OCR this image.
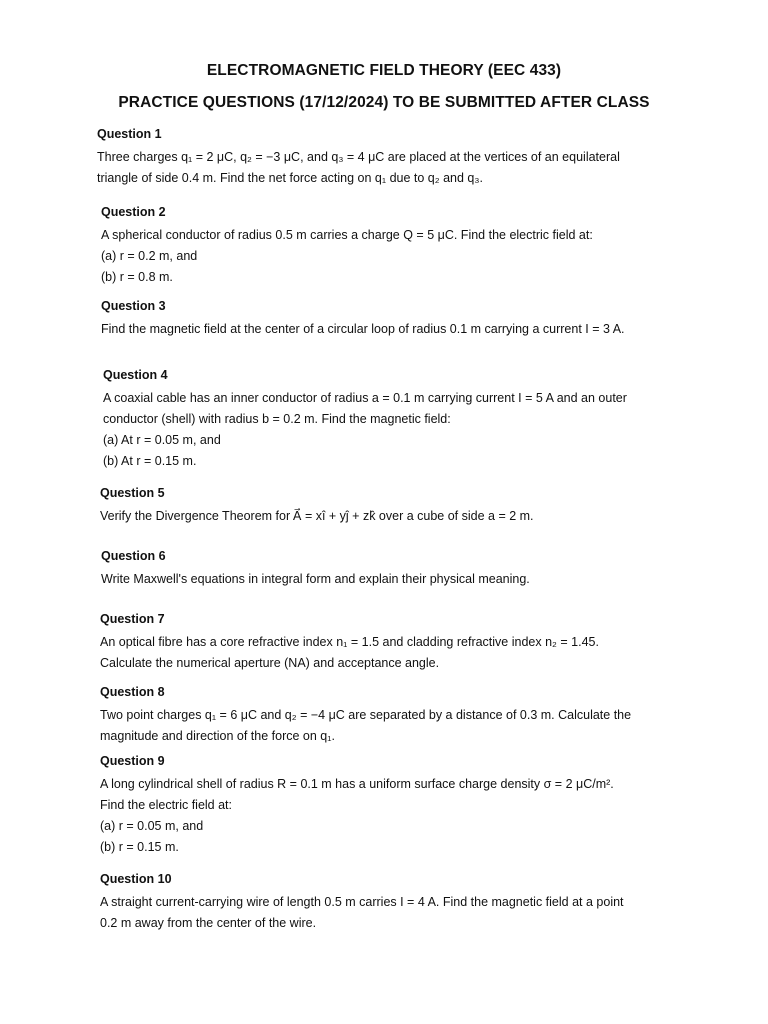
ELECTROMAGNETIC FIELD THEORY (EEC 433)
PRACTICE QUESTIONS (17/12/2024) TO BE SUBMITTED AFTER CLASS
Question 1
Three charges q₁ = 2 μC, q₂ = −3 μC, and q₃ = 4 μC are placed at the vertices of an equilateral
triangle of side 0.4 m. Find the net force acting on q₁ due to q₂ and q₃.
Question 2
A spherical conductor of radius 0.5 m carries a charge Q = 5 μC. Find the electric field at:
(a) r = 0.2 m, and
(b) r = 0.8 m.
Question 3
Find the magnetic field at the center of a circular loop of radius 0.1 m carrying a current I = 3 A.
Question 4
A coaxial cable has an inner conductor of radius a = 0.1 m carrying current I = 5 A and an outer
conductor (shell) with radius b = 0.2 m. Find the magnetic field:
(a) At r = 0.05 m, and
(b) At r = 0.15 m.
Question 5
Verify the Divergence Theorem for A⃗ = xî + yĵ + zk̂ over a cube of side a = 2 m.
Question 6
Write Maxwell's equations in integral form and explain their physical meaning.
Question 7
An optical fibre has a core refractive index n₁ = 1.5 and cladding refractive index n₂ = 1.45.
Calculate the numerical aperture (NA) and acceptance angle.
Question 8
Two point charges q₁ = 6 μC and q₂ = −4 μC are separated by a distance of 0.3 m. Calculate the
magnitude and direction of the force on q₁.
Question 9
A long cylindrical shell of radius R = 0.1 m has a uniform surface charge density σ = 2 μC/m².
Find the electric field at:
(a) r = 0.05 m, and
(b) r = 0.15 m.
Question 10
A straight current-carrying wire of length 0.5 m carries I = 4 A. Find the magnetic field at a point
0.2 m away from the center of the wire.
